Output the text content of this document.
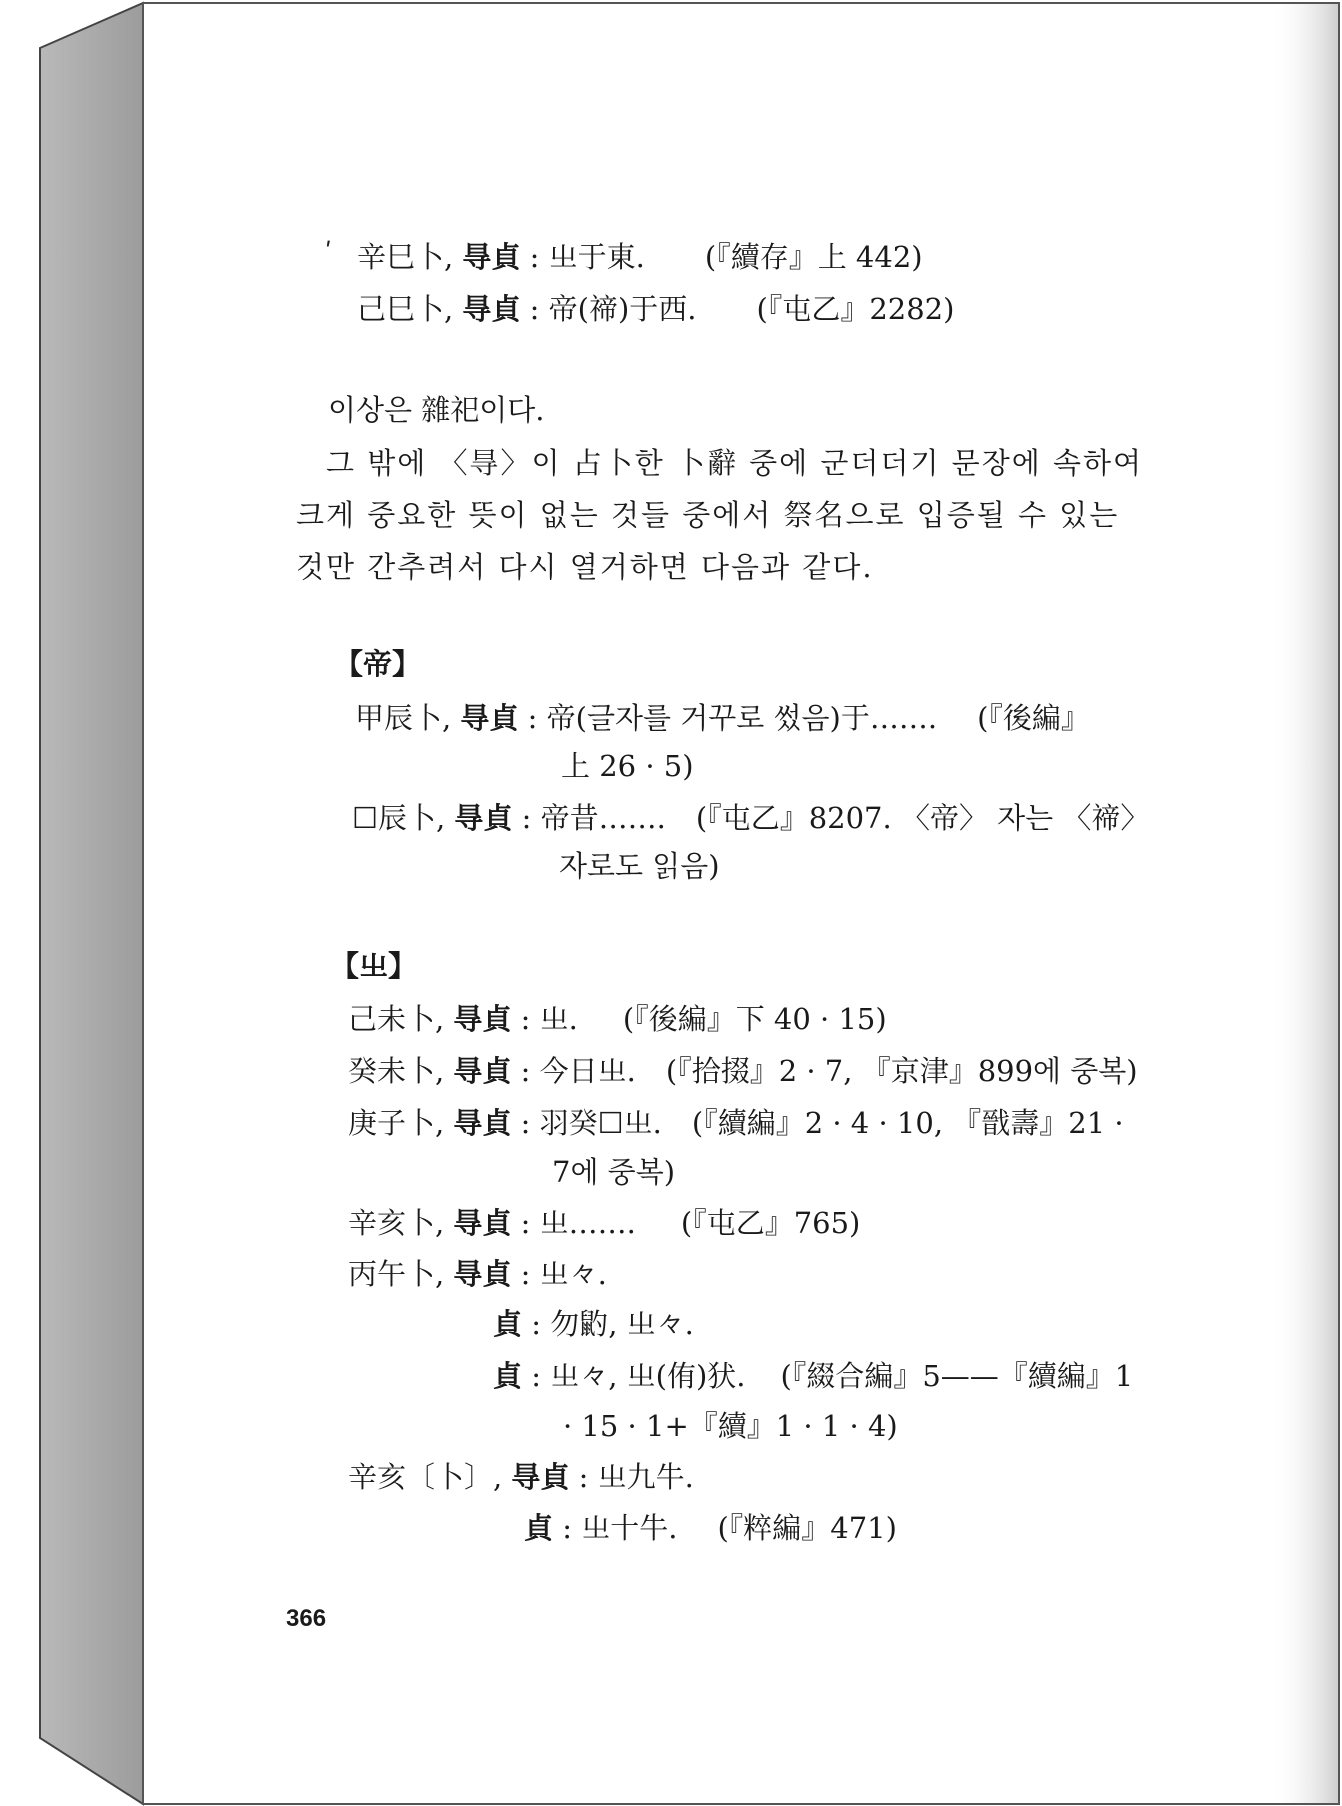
ʹ 辛巳卜, 㝵貞 : 㞢于東. (『續存』上 442)
己巳卜, 㝵貞 : 帝(禘)于西. (『屯乙』2282)
이상은 雜祀이다.
그 밖에 〈㝵〉이 占卜한 卜辭 중에 군더더기 문장에 속하여
크게 중요한 뜻이 없는 것들 중에서 祭名으로 입증될 수 있는
것만 간추려서 다시 열거하면 다음과 같다.
【帝】
甲辰卜, 㝵貞 : 帝(글자를 거꾸로 썼음)于……. (『後編』
上 26 · 5)
☐辰卜, 㝵貞 : 帝昔……. (『屯乙』8207. 〈帝〉 자는 〈禘〉
자로도 읽음)
【㞢】
己未卜, 㝵貞 : 㞢. (『後編』下 40 · 15)
癸未卜, 㝵貞 : 今日㞢. (『拾掇』2 · 7, 『京津』899에 중복)
庚子卜, 㝵貞 : 羽癸☐㞢. (『續編』2 · 4 · 10, 『戩壽』21 ·
7에 중복)
辛亥卜, 㝵貞 : 㞢……. (『屯乙』765)
丙午卜, 㝵貞 : 㞢𠚤.
貞 : 勿䶂, 㞢𠚤.
貞 : 㞢𠚤, 㞢(侑)犾. (『綴合編』5——『續編』1
· 15 · 1+『續』1 · 1 · 4)
辛亥〔卜〕, 㝵貞 : 㞢九牛.
貞 : 㞢十牛. (『粹編』471)
366
